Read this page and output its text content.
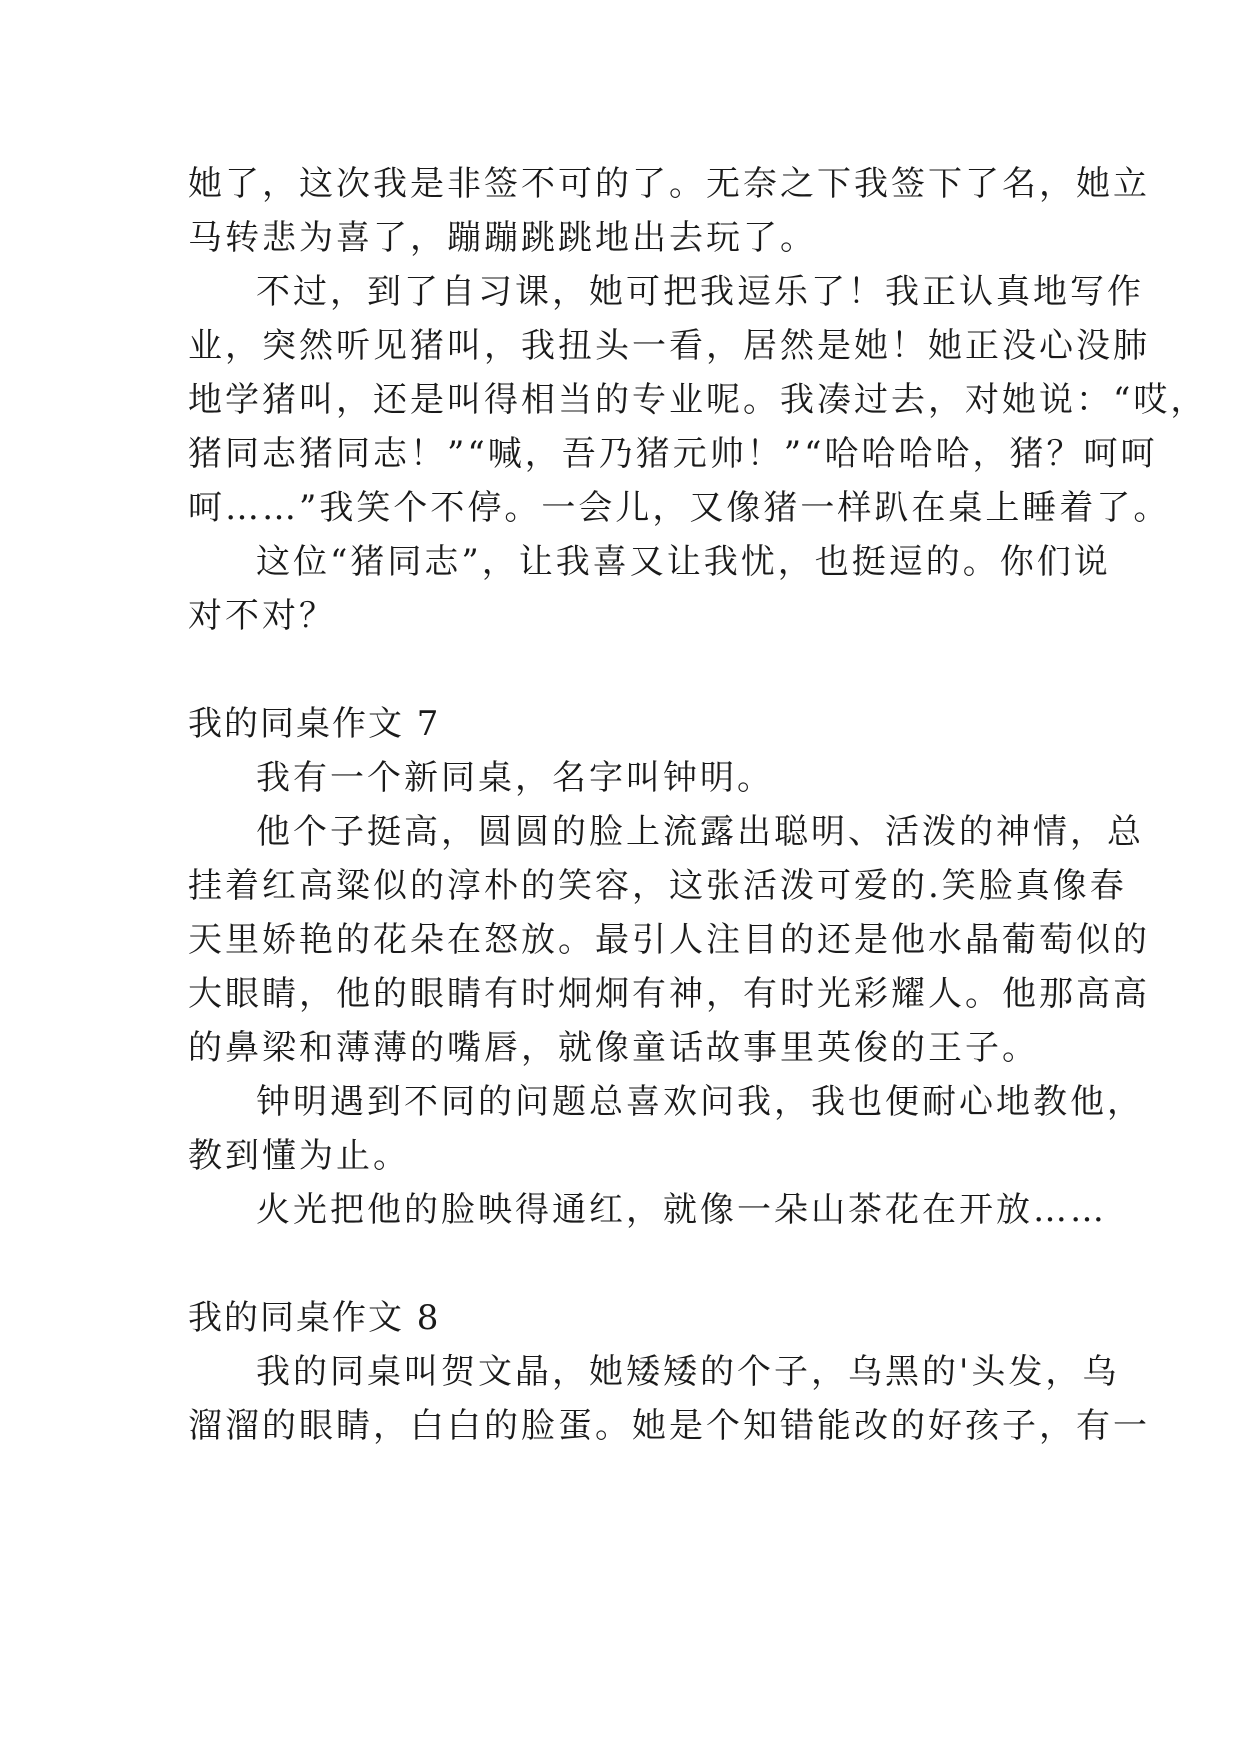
她了，这次我是非签不可的了。无奈之下我签下了名，她立
马转悲为喜了，蹦蹦跳跳地出去玩了。
不过，到了自习课，她可把我逗乐了！我正认真地写作
业，突然听见猪叫，我扭头一看，居然是她！她正没心没肺
地学猪叫，还是叫得相当的专业呢。我凑过去，对她说：“哎，
猪同志猪同志！”“喊，吾乃猪元帅！”“哈哈哈哈，猪？呵呵
呵……”我笑个不停。一会儿，又像猪一样趴在桌上睡着了。
这位“猪同志”，让我喜又让我忧，也挺逗的。你们说
对不对？
我的同桌作文 7
我有一个新同桌，名字叫钟明。
他个子挺高，圆圆的脸上流露出聪明、活泼的神情，总
挂着红高粱似的淳朴的笑容，这张活泼可爱的.笑脸真像春
天里娇艳的花朵在怒放。最引人注目的还是他水晶葡萄似的
大眼睛，他的眼睛有时炯炯有神，有时光彩耀人。他那高高
的鼻梁和薄薄的嘴唇，就像童话故事里英俊的王子。
钟明遇到不同的问题总喜欢问我，我也便耐心地教他，
教到懂为止。
火光把他的脸映得通红，就像一朵山茶花在开放……
我的同桌作文 8
我的同桌叫贺文晶，她矮矮的个子，乌黑的'头发，乌
溜溜的眼睛，白白的脸蛋。她是个知错能改的好孩子，有一
